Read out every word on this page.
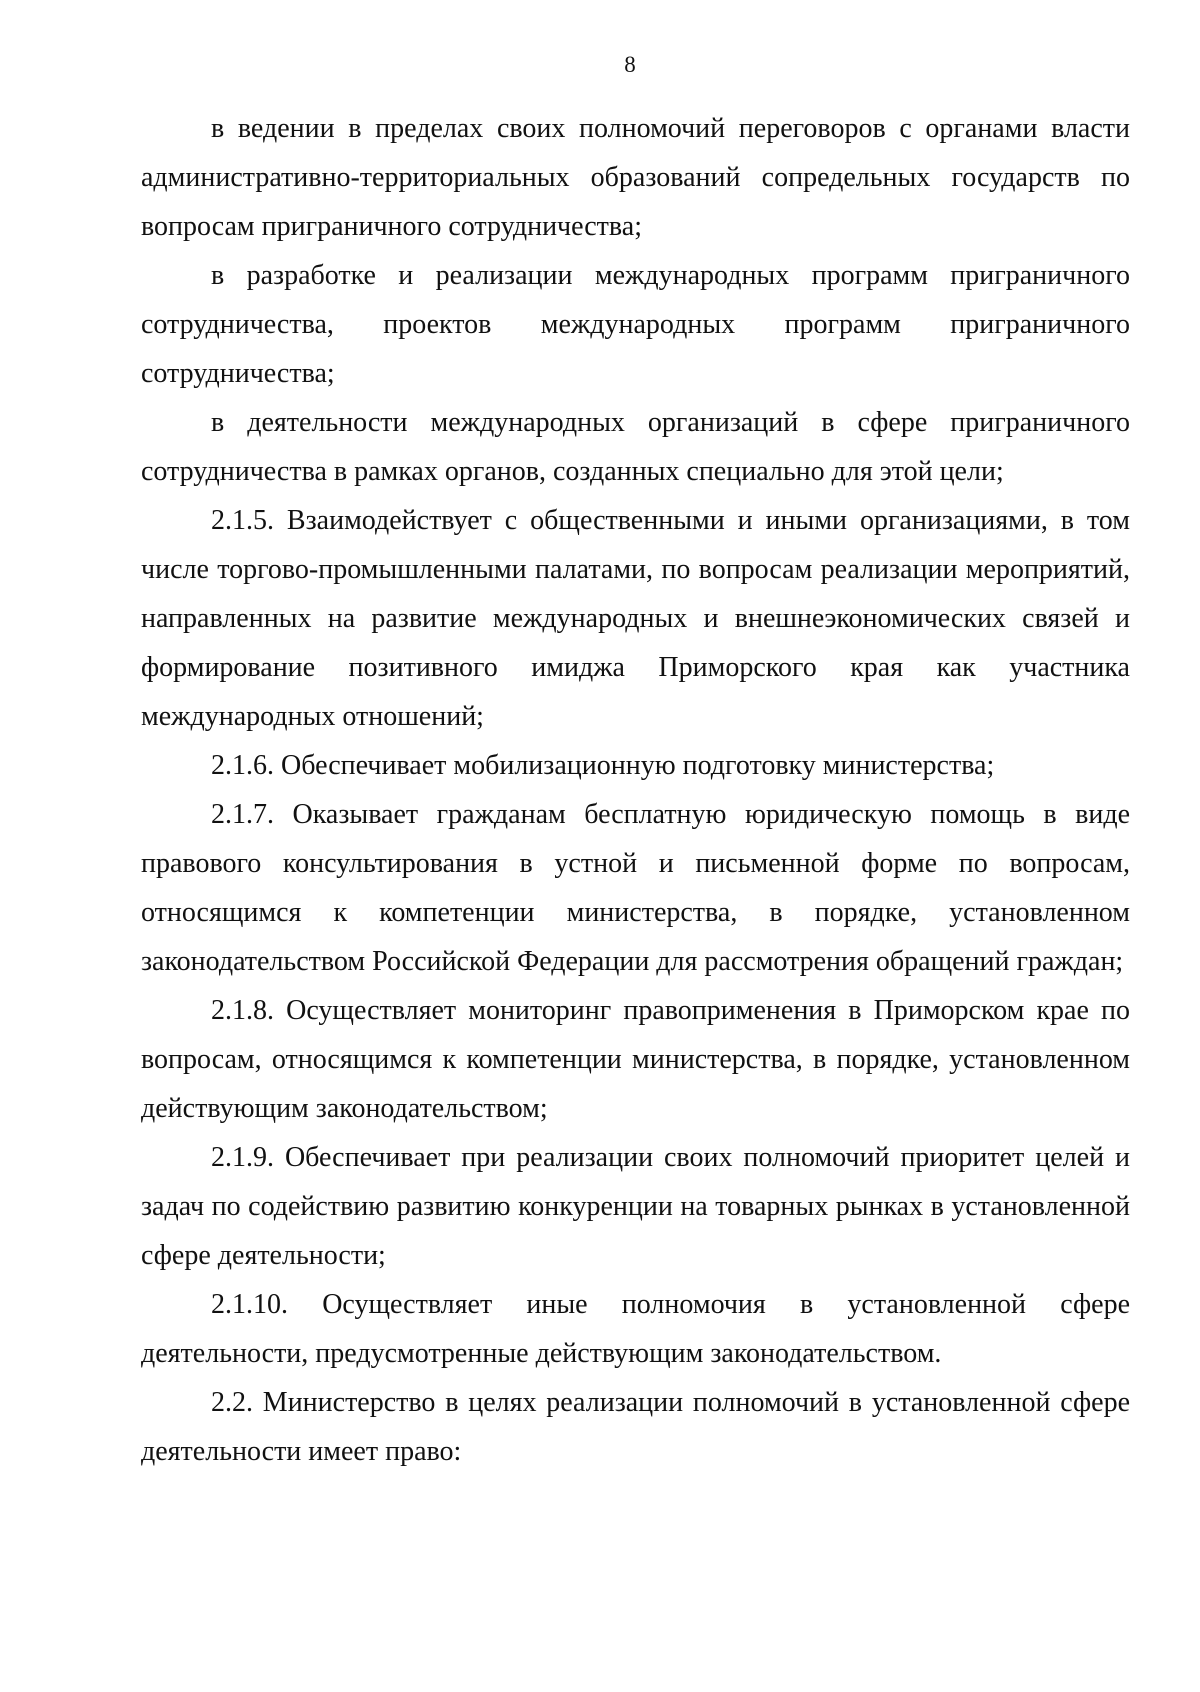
8

в ведении в пределах своих полномочий переговоров с органами власти административно-территориальных образований сопредельных государств по вопросам приграничного сотрудничества;

в разработке и реализации международных программ приграничного сотрудничества, проектов международных программ приграничного сотрудничества;

в деятельности международных организаций в сфере приграничного сотрудничества в рамках органов, созданных специально для этой цели;

2.1.5. Взаимодействует с общественными и иными организациями, в том числе торгово-промышленными палатами, по вопросам реализации мероприятий, направленных на развитие международных и внешнеэкономических связей и формирование позитивного имиджа Приморского края как участника международных отношений;

2.1.6. Обеспечивает мобилизационную подготовку министерства;

2.1.7. Оказывает гражданам бесплатную юридическую помощь в виде правового консультирования в устной и письменной форме по вопросам, относящимся к компетенции министерства, в порядке, установленном законодательством Российской Федерации для рассмотрения обращений граждан;

2.1.8. Осуществляет мониторинг правоприменения в Приморском крае по вопросам, относящимся к компетенции министерства, в порядке, установленном действующим законодательством;

2.1.9. Обеспечивает при реализации своих полномочий приоритет целей и задач по содействию развитию конкуренции на товарных рынках в установленной сфере деятельности;

2.1.10. Осуществляет иные полномочия в установленной сфере деятельности, предусмотренные действующим законодательством.

2.2. Министерство в целях реализации полномочий в установленной сфере деятельности имеет право:
